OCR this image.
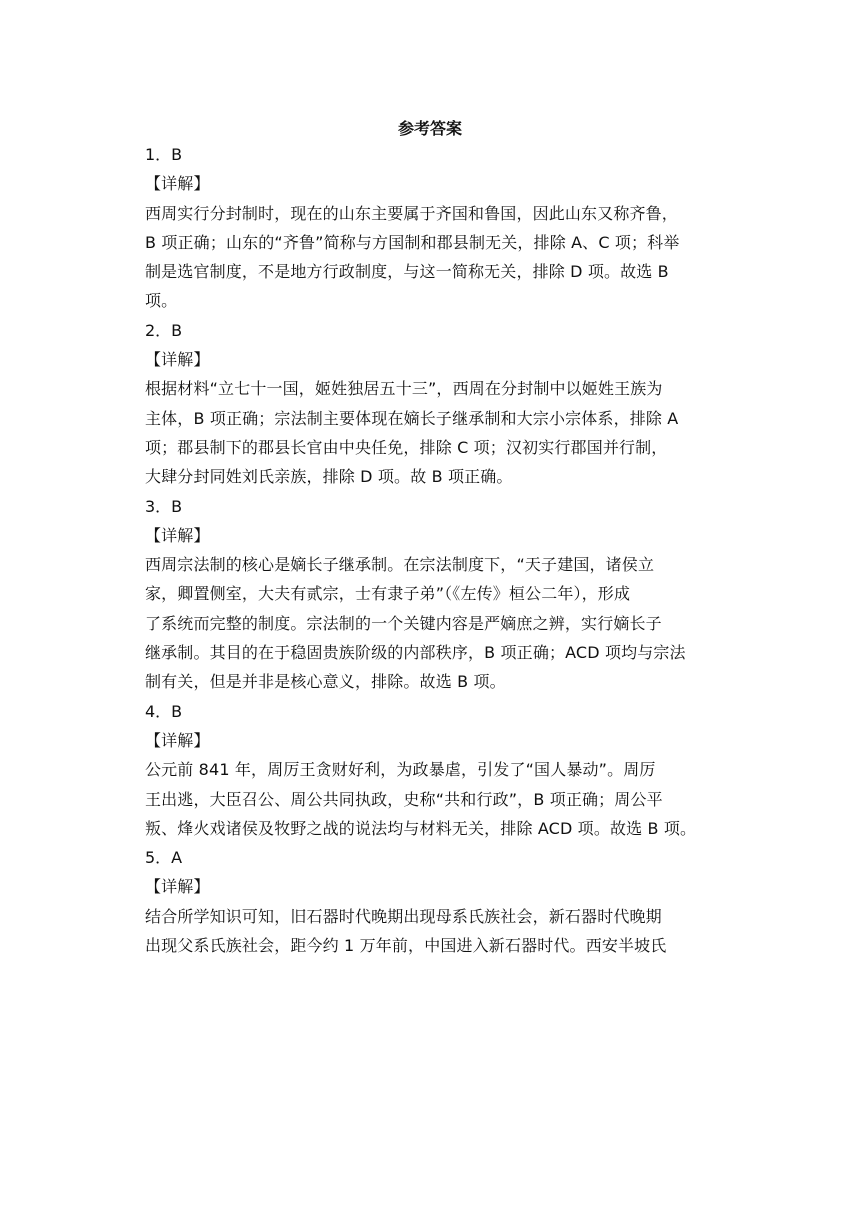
参考答案
1．B
【详解】
西周实行分封制时，现在的山东主要属于齐国和鲁国，因此山东又称齐鲁，
B 项正确；山东的“齐鲁”简称与方国制和郡县制无关，排除 A、C 项；科举
制是选官制度，不是地方行政制度，与这一简称无关，排除 D 项。故选 B
项。
2．B
【详解】
根据材料“立七十一国，姬姓独居五十三”，西周在分封制中以姬姓王族为
主体，B 项正确；宗法制主要体现在嫡长子继承制和大宗小宗体系，排除 A
项；郡县制下的郡县长官由中央任免，排除 C 项；汉初实行郡国并行制，
大肆分封同姓刘氏亲族，排除 D 项。故 B 项正确。
3．B
【详解】
西周宗法制的核心是嫡长子继承制。在宗法制度下，“天子建国，诸侯立
家，卿置侧室，大夫有贰宗，士有隶子弟”（《左传》桓公二年），形成
了系统而完整的制度。宗法制的一个关键内容是严嫡庶之辨，实行嫡长子
继承制。其目的在于稳固贵族阶级的内部秩序，B 项正确；ACD 项均与宗法
制有关，但是并非是核心意义，排除。故选 B 项。
4．B
【详解】
公元前 841 年，周厉王贪财好利，为政暴虐，引发了“国人暴动”。周厉
王出逃，大臣召公、周公共同执政，史称“共和行政”，B 项正确；周公平
叛、烽火戏诸侯及牧野之战的说法均与材料无关，排除 ACD 项。故选 B 项。
5．A
【详解】
结合所学知识可知，旧石器时代晚期出现母系氏族社会，新石器时代晚期
出现父系氏族社会，距今约 1 万年前，中国进入新石器时代。西安半坡氏
